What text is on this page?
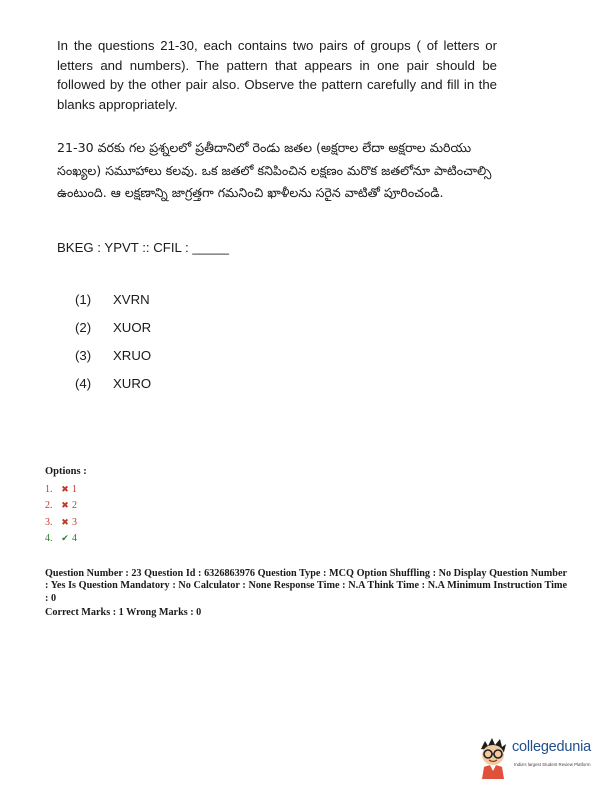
In the questions 21-30, each contains two pairs of groups ( of letters or letters and numbers). The pattern that appears in one pair should be followed by the other pair also. Observe the pattern carefully and fill in the blanks appropriately.
21-30 వరకు గల ప్రశ్నలలో ప్రతీదానిలో రెండు జతల (అక్షరాల లేదా అక్షరాల మరియు సంఖ్యల) సమూహాలు కలవు. ఒక జతలో కనిపించిన లక్షణం మరొక జతలోనూ పాటించాల్సి ఉంటుంది. ఆ లక్షణాన్ని జాగ్రత్తగా గమనించి ఖాళీలను సరైన వాటితో పూరించండి.
BKEG : YPVT :: CFIL : _____
(1)	XVRN
(2)	XUOR
(3)	XRUO
(4)	XURO
Options :
1. ✖ 1
2. ✖ 2
3. ✖ 3
4. ✔ 4
Question Number : 23 Question Id : 6326863976 Question Type : MCQ Option Shuffling : No Display Question Number : Yes Is Question Mandatory : No Calculator : None Response Time : N.A Think Time : N.A Minimum Instruction Time : 0
Correct Marks : 1 Wrong Marks : 0
collegedunia
India's largest Student Review Platform
